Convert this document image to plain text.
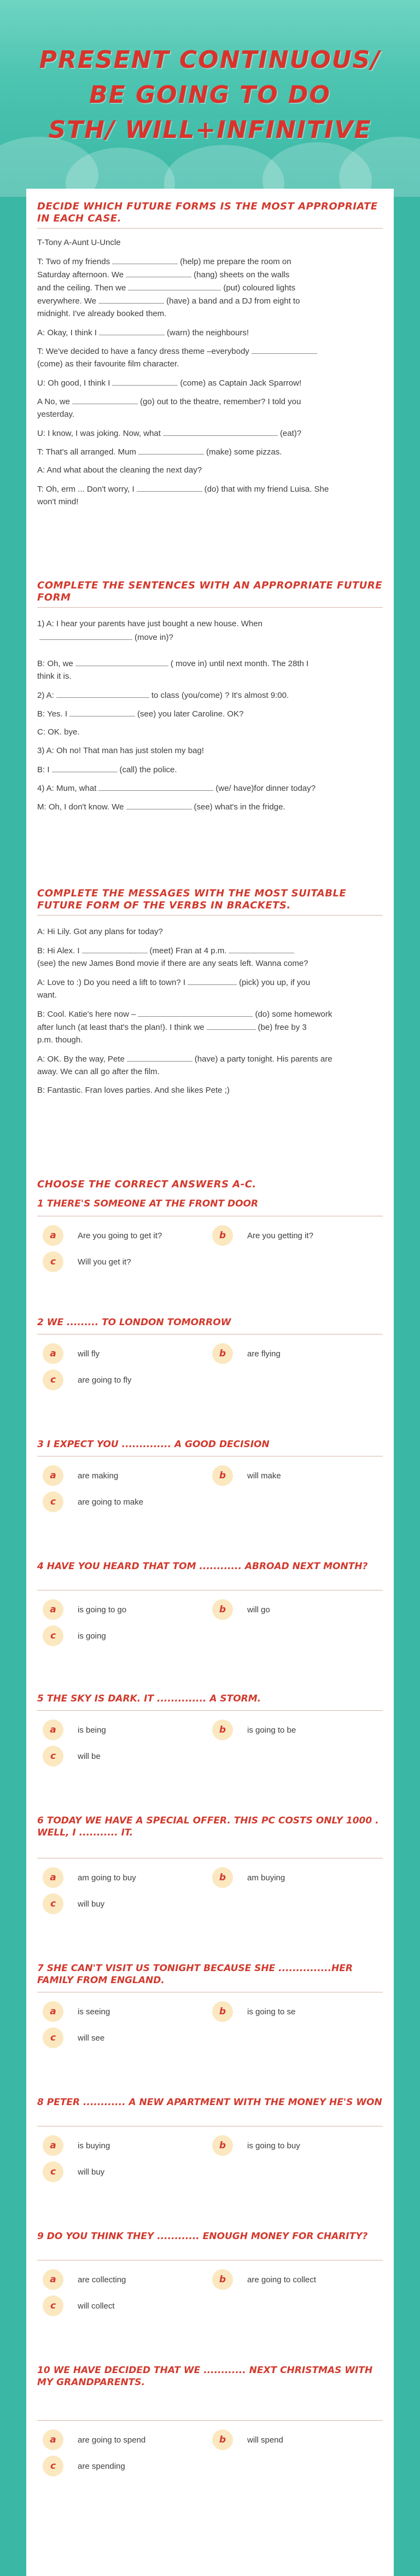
PRESENT CONTINUOUS/
BE GOING TO DO
STH/ WILL+INFINITIVE
DECIDE WHICH FUTURE FORMS IS THE MOST APPROPRIATE IN EACH CASE.
T-Tony A-Aunt U-Uncle
T: Two of my friends	(help) me prepare the room on
Saturday afternoon. We	(hang) sheets on the walls
and the ceiling. Then we	(put) coloured lights
everywhere. We	(have) a band and a DJ from eight to
midnight. I've already booked them.
A: Okay, I think I	(warn) the neighbours!
T: We've decided to have a fancy dress theme –everybody
(come) as their favourite film character.
U: Oh good, I think I	(come) as Captain Jack Sparrow!
A No, we	(go) out to the theatre, remember? I told you
yesterday.
U: I know, I was joking. Now, what	(eat)?
T: That's all arranged. Mum	(make) some pizzas.
A: And what about the cleaning the next day?
T: Oh, erm ... Don't worry, I	(do) that with my friend Luisa. She
won't mind!
COMPLETE THE SENTENCES WITH AN APPROPRIATE FUTURE FORM
1) A: I hear your parents have just bought a new house. When
(move in)?
B: Oh, we	( move in) until next month. The 28th I
think it is.
2) A:	to class (you/come) ? It's almost 9:00.
B: Yes. I	(see) you later Caroline. OK?
C: OK. bye.
3) A: Oh no! That man has just stolen my bag!
B: I	(call) the police.
4) A: Mum, what	(we/ have)for dinner today?
M: Oh, I don't know. We	(see) what's in the fridge.
COMPLETE THE MESSAGES WITH THE MOST SUITABLE FUTURE FORM OF THE VERBS IN BRACKETS.
A: Hi Lily. Got any plans for today?
B: Hi Alex. I	(meet) Fran at 4 p.m.
(see) the new James Bond movie if there are any seats left. Wanna come?
A: Love to :) Do you need a lift to town? I	(pick) you up, if you
want.
B: Cool. Katie's here now –	(do) some homework
after lunch (at least that's the plan!). I think we	(be) free by 3
p.m. though.
A: OK. By the way, Pete	(have) a party tonight. His parents are
away. We can all go after the film.
B: Fantastic. Fran loves parties. And she likes Pete ;)
CHOOSE THE CORRECT ANSWERS A-C.
1 THERE'S SOMEONE AT THE FRONT DOOR
a	Are you going to get it?	b	Are you getting it?
c	Will you get it?
2 WE ......... TO LONDON TOMORROW
a	will fly	b	are flying
c	are going to fly
3 I EXPECT YOU .............. A GOOD DECISION
a	are making	b	will make
c	are going to make
4 HAVE YOU HEARD THAT TOM ............ ABROAD NEXT MONTH?
a	is going to go	b	will go
c	is going
5 THE SKY IS DARK. IT .............. A STORM.
a	is being	b	is going to be
c	will be
6 TODAY WE HAVE A SPECIAL OFFER. THIS PC COSTS ONLY 1000 . WELL, I ........... IT.
a	am going to buy	b	am buying
c	will buy
7 SHE CAN'T VISIT US TONIGHT BECAUSE SHE ...............HER FAMILY FROM ENGLAND.
a	is seeing	b	is going to se
c	will see
8 PETER ............ A NEW APARTMENT WITH THE MONEY HE'S WON
a	is buying	b	is going to buy
c	will buy
9 DO YOU THINK THEY ............ ENOUGH MONEY FOR CHARITY?
a	are collecting	b	are going to collect
c	will collect
10 WE HAVE DECIDED THAT WE ............ NEXT CHRISTMAS WITH MY GRANDPARENTS.
a	are going to spend	b	will spend
c	are spending
